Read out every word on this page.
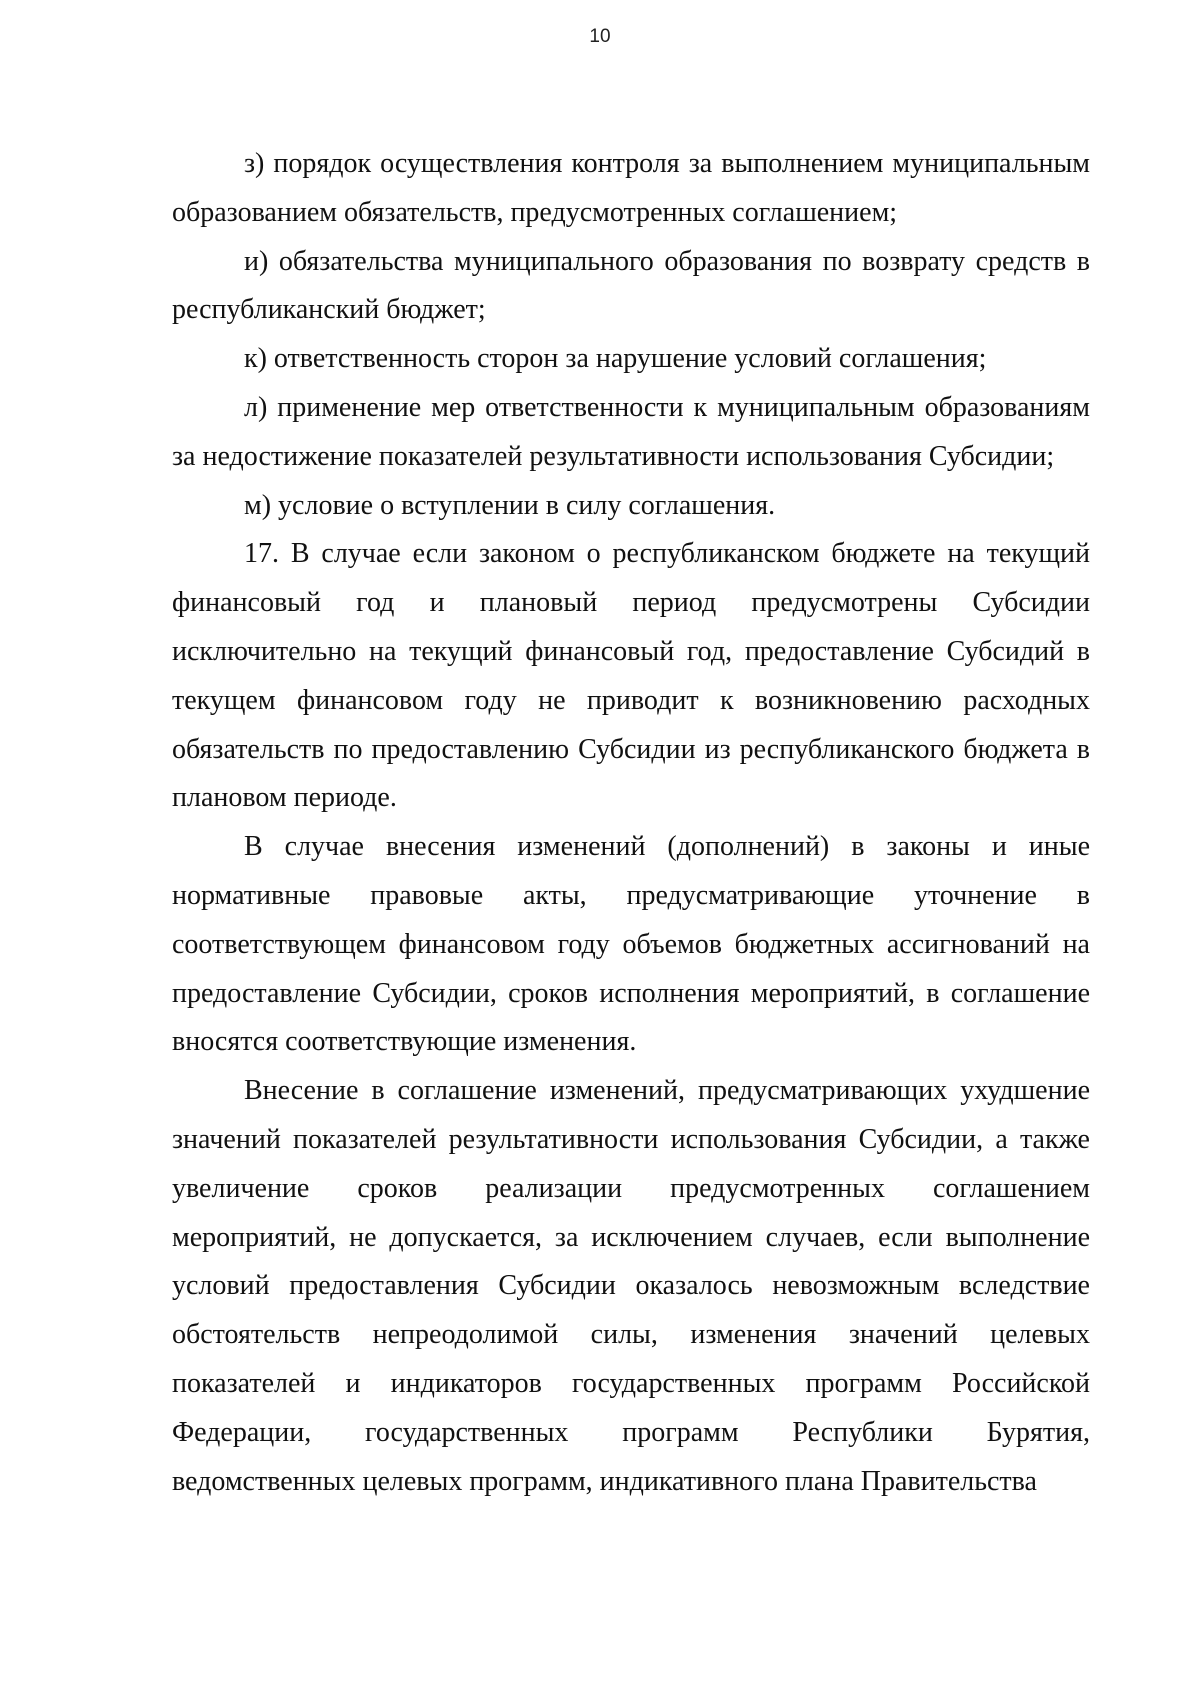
10

з) порядок осуществления контроля за выполнением муниципальным образованием обязательств, предусмотренных соглашением;

и) обязательства муниципального образования по возврату средств в республиканский бюджет;

к) ответственность сторон за нарушение условий соглашения;

л) применение мер ответственности к муниципальным образованиям за недостижение показателей результативности использования Субсидии;

м) условие о вступлении в силу соглашения.

17. В случае если законом о республиканском бюджете на текущий финансовый год и плановый период предусмотрены Субсидии исключительно на текущий финансовый год, предоставление Субсидий в текущем финансовом году не приводит к возникновению расходных обязательств по предоставлению Субсидии из республиканского бюджета в плановом периоде.

В случае внесения изменений (дополнений) в законы и иные нормативные правовые акты, предусматривающие уточнение в соответствующем финансовом году объемов бюджетных ассигнований на предоставление Субсидии, сроков исполнения мероприятий, в соглашение вносятся соответствующие изменения.

Внесение в соглашение изменений, предусматривающих ухудшение значений показателей результативности использования Субсидии, а также увеличение сроков реализации предусмотренных соглашением мероприятий, не допускается, за исключением случаев, если выполнение условий предоставления Субсидии оказалось невозможным вследствие обстоятельств непреодолимой силы, изменения значений целевых показателей и индикаторов государственных программ Российской Федерации, государственных программ Республики Бурятия, ведомственных целевых программ, индикативного плана Правительства
